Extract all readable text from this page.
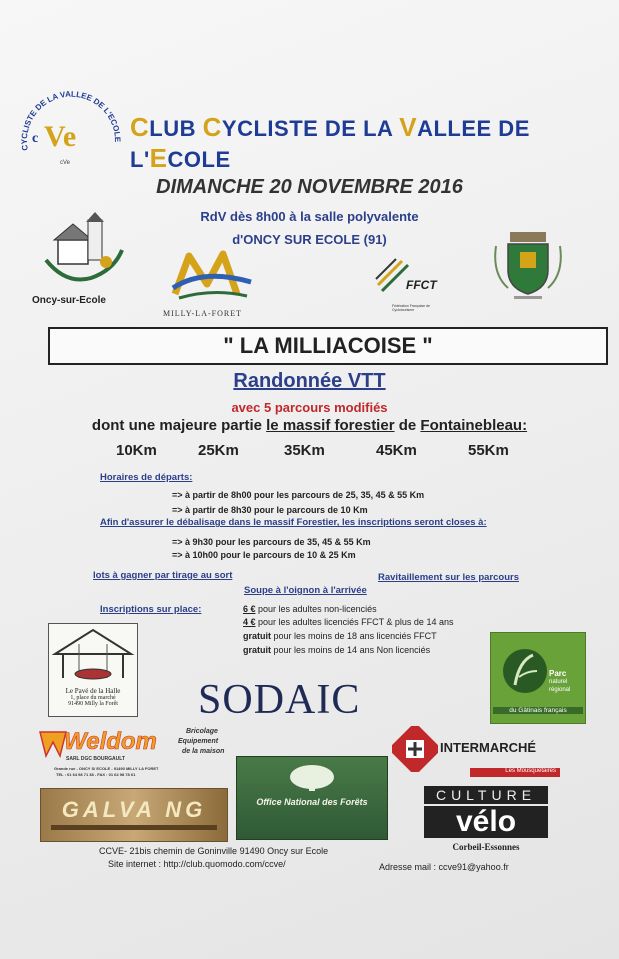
CYCLISTE DE LA VALLEE DE L'ECOLE
Ve
c
cVe
CLUB CYCLISTE DE LA VALLEE DE L'ECOLE
DIMANCHE 20 NOVEMBRE 2016
RdV dès 8h00 à la salle polyvalente
d'ONCY SUR ECOLE (91)
Oncy-sur-Ecole
MILLY-LA-FORET
FFCT
Fédération Française de Cyclotourisme
" LA MILLIACOISE "
Randonnée VTT
avec 5 parcours modifiés
dont une majeure partie le massif forestier de Fontainebleau:
10Km	25Km	35Km	45Km	55Km
Horaires de départs:
=> à partir de 8h00 pour les parcours de 25, 35, 45 & 55 Km
=> à partir de 8h30 pour le parcours de 10 Km
Afin d'assurer le débalisage dans le massif Forestier, les inscriptions seront closes à:
=> à 9h30 pour les parcours de 35, 45 & 55 Km
=> à 10h00 pour le parcours de 10 & 25 Km
lots à gagner par tirage au sort	Ravitaillement sur les parcours
Soupe à l'oignon à l'arrivée
Inscriptions sur place:	6 € pour les adultes non-licenciés
4 € pour les adultes licenciés FFCT & plus de 14 ans
gratuit pour les moins de 18 ans licenciés FFCT
gratuit pour les moins de 14 ans Non licenciés
Le Pavé de la Halle
1, place du marché
91490 Milly la Forêt	SODAIC
Parc
naturel
régional
du Gâtinais français
Weldom	Bricolage
Equipement
de la maison
SARL DGC BOURGAULT
Grande rue - ONCY S/ ECOLE - 91490 MILLY LA FORET
TEL : 01 64 98 71 38 - FAX : 01 64 98 78 61
INTERMARCHÉ
Les Mousquetaires
GALVA NG	Office National des Forêts	CULTURE
vélo
Corbeil-Essonnes
CCVE- 21bis chemin de Goninville 91490 Oncy sur Ecole
Site internet : http://club.quomodo.com/ccve/	Adresse mail : ccve91@yahoo.fr
